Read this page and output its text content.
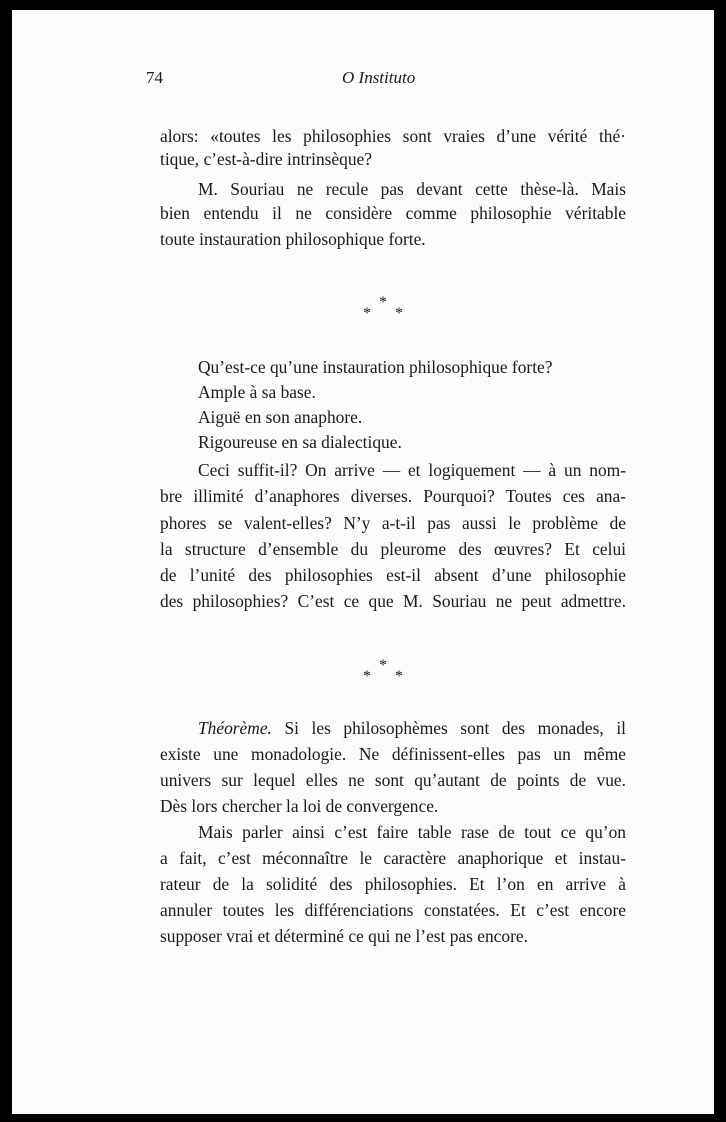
74	O Instituto
alors: «toutes les philosophies sont vraies d’une vérité thé·
tique, c’est-à-dire intrinsèque?
M. Souriau ne recule pas devant cette thèse-là. Mais
bien entendu il ne considère comme philosophie véritable
toute instauration philosophique forte.
*
* *
Qu’est-ce qu’une instauration philosophique forte?
Ample à sa base.
Aiguë en son anaphore.
Rigoureuse en sa dialectique.
Ceci suffit-il? On arrive — et logiquement — à un nom-
bre illimité d’anaphores diverses. Pourquoi? Toutes ces ana-
phores se valent-elles? N’y a-t-il pas aussi le problème de
la structure d’ensemble du pleurome des œuvres? Et celui
de l’unité des philosophies est-il absent d’une philosophie
des philosophies? C’est ce que M. Souriau ne peut admettre.
*
* *
Théorème. Si les philosophèmes sont des monades, il
existe une monadologie. Ne définissent-elles pas un même
univers sur lequel elles ne sont qu’autant de points de vue.
Dès lors chercher la loi de convergence.
Mais parler ainsi c’est faire table rase de tout ce qu’on
a fait, c’est méconnaître le caractère anaphorique et instau-
rateur de la solidité des philosophies. Et l’on en arrive à
annuler toutes les différenciations constatées. Et c’est encore
supposer vrai et déterminé ce qui ne l’est pas encore.
